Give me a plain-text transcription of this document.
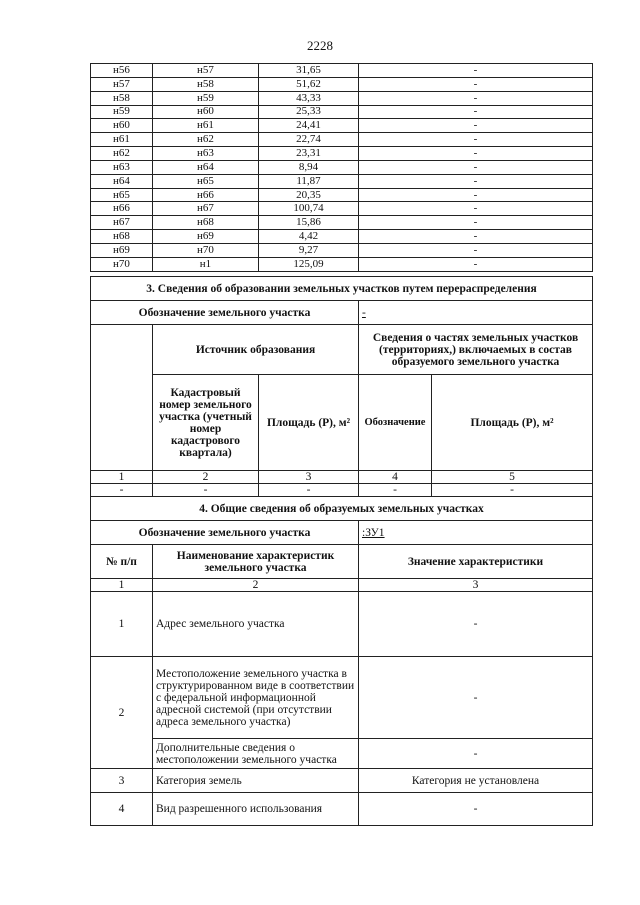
2228
н56	н57	31,65	-
н57	н58	51,62	-
н58	н59	43,33	-
н59	н60	25,33	-
н60	н61	24,41	-
н61	н62	22,74	-
н62	н63	23,31	-
н63	н64	8,94	-
н64	н65	11,87	-
н65	н66	20,35	-
н66	н67	100,74	-
н67	н68	15,86	-
н68	н69	4,42	-
н69	н70	9,27	-
н70	н1	125,09	-
3. Сведения об образовании земельных участков путем перераспределения				
Обозначение земельного участка			-	
	Источник образования		Сведения о частях земельных участков (территориях,) включаемых в состав образуемого земельного участка	
	Кадастровый номер земельного участка (учетный номер кадастрового квартала)	Площадь (Р), м²	Обозначение	Площадь (Р), м²
1	2	3	4	5
-	-	-	-	-
4. Общие сведения об образуемых земельных участках		
Обозначение земельного участка		:ЗУ1
№ п/п	Наименование характеристик земельного участка	Значение характеристики
1	2	3
1	Адрес земельного участка	-
2	Местоположение земельного участка в структурированном виде в соответствии с федеральной информационной адресной системой (при отсутствии адреса земельного участка)	-
	Дополнительные сведения о местоположении земельного участка	-
3	Категория земель	Категория не установлена
4	Вид разрешенного использования	-
